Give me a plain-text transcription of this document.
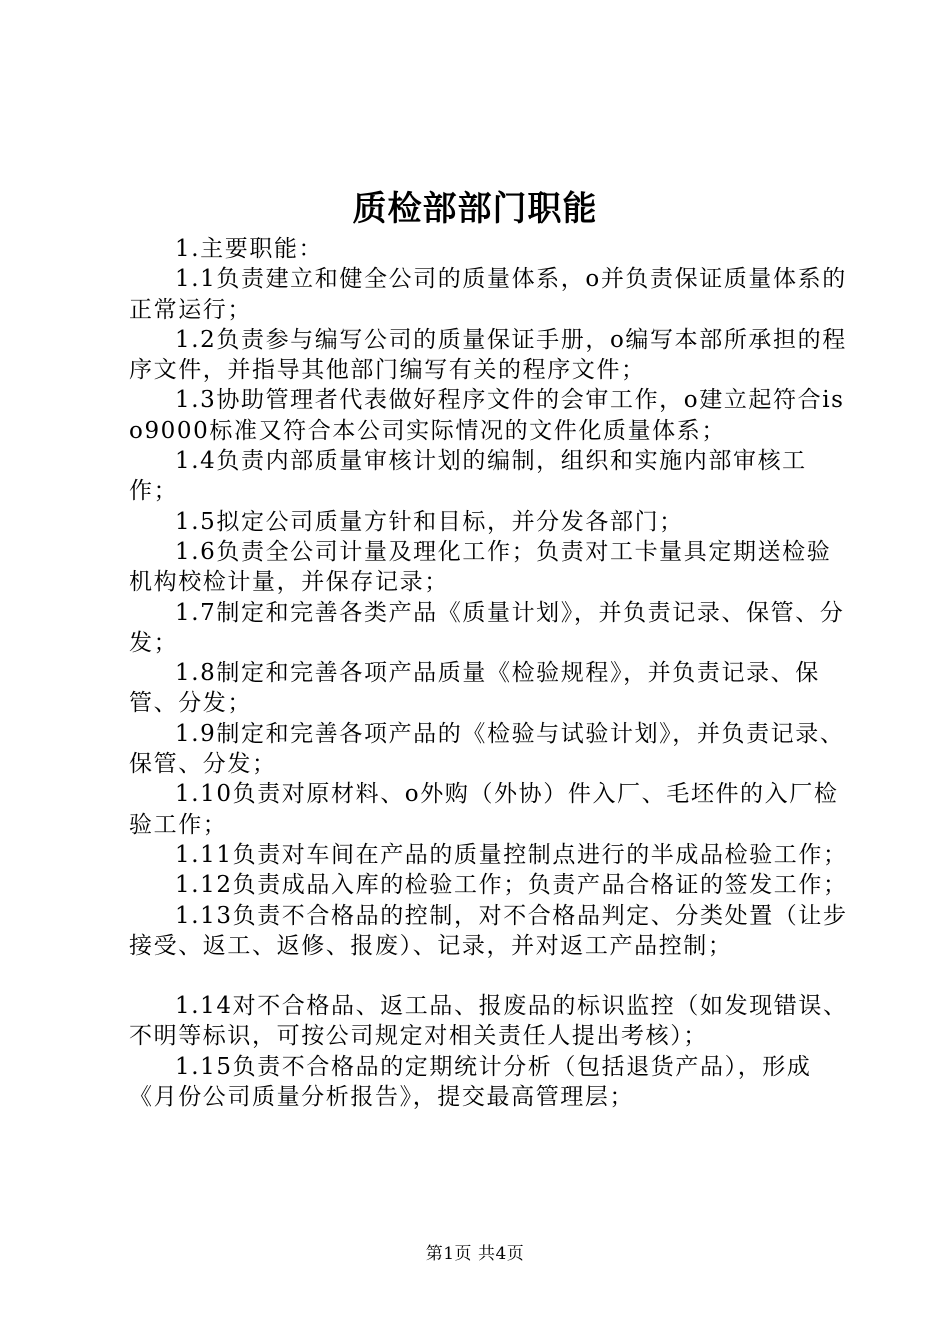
质检部部门职能

1.主要职能：

1.1负责建立和健全公司的质量体系，o并负责保证质量体系的正常运行；

1.2负责参与编写公司的质量保证手册，o编写本部所承担的程序文件，并指导其他部门编写有关的程序文件；

1.3协助管理者代表做好程序文件的会审工作，o建立起符合iso9000标准又符合本公司实际情况的文件化质量体系；

1.4负责内部质量审核计划的编制，组织和实施内部审核工作；

1.5拟定公司质量方针和目标，并分发各部门；

1.6负责全公司计量及理化工作；负责对工卡量具定期送检验机构校检计量，并保存记录；

1.7制定和完善各类产品《质量计划》，并负责记录、保管、分发；

1.8制定和完善各项产品质量《检验规程》，并负责记录、保管、分发；

1.9制定和完善各项产品的《检验与试验计划》，并负责记录、保管、分发；

1.10负责对原材料、o外购（外协）件入厂、毛坯件的入厂检验工作；

1.11负责对车间在产品的质量控制点进行的半成品检验工作；

1.12负责成品入库的检验工作；负责产品合格证的签发工作；

1.13负责不合格品的控制，对不合格品判定、分类处置（让步接受、返工、返修、报废）、记录，并对返工产品控制；

1.14对不合格品、返工品、报废品的标识监控（如发现错误、不明等标识，可按公司规定对相关责任人提出考核）；

1.15负责不合格品的定期统计分析（包括退货产品），形成《月份公司质量分析报告》，提交最高管理层；

第1页 共4页
